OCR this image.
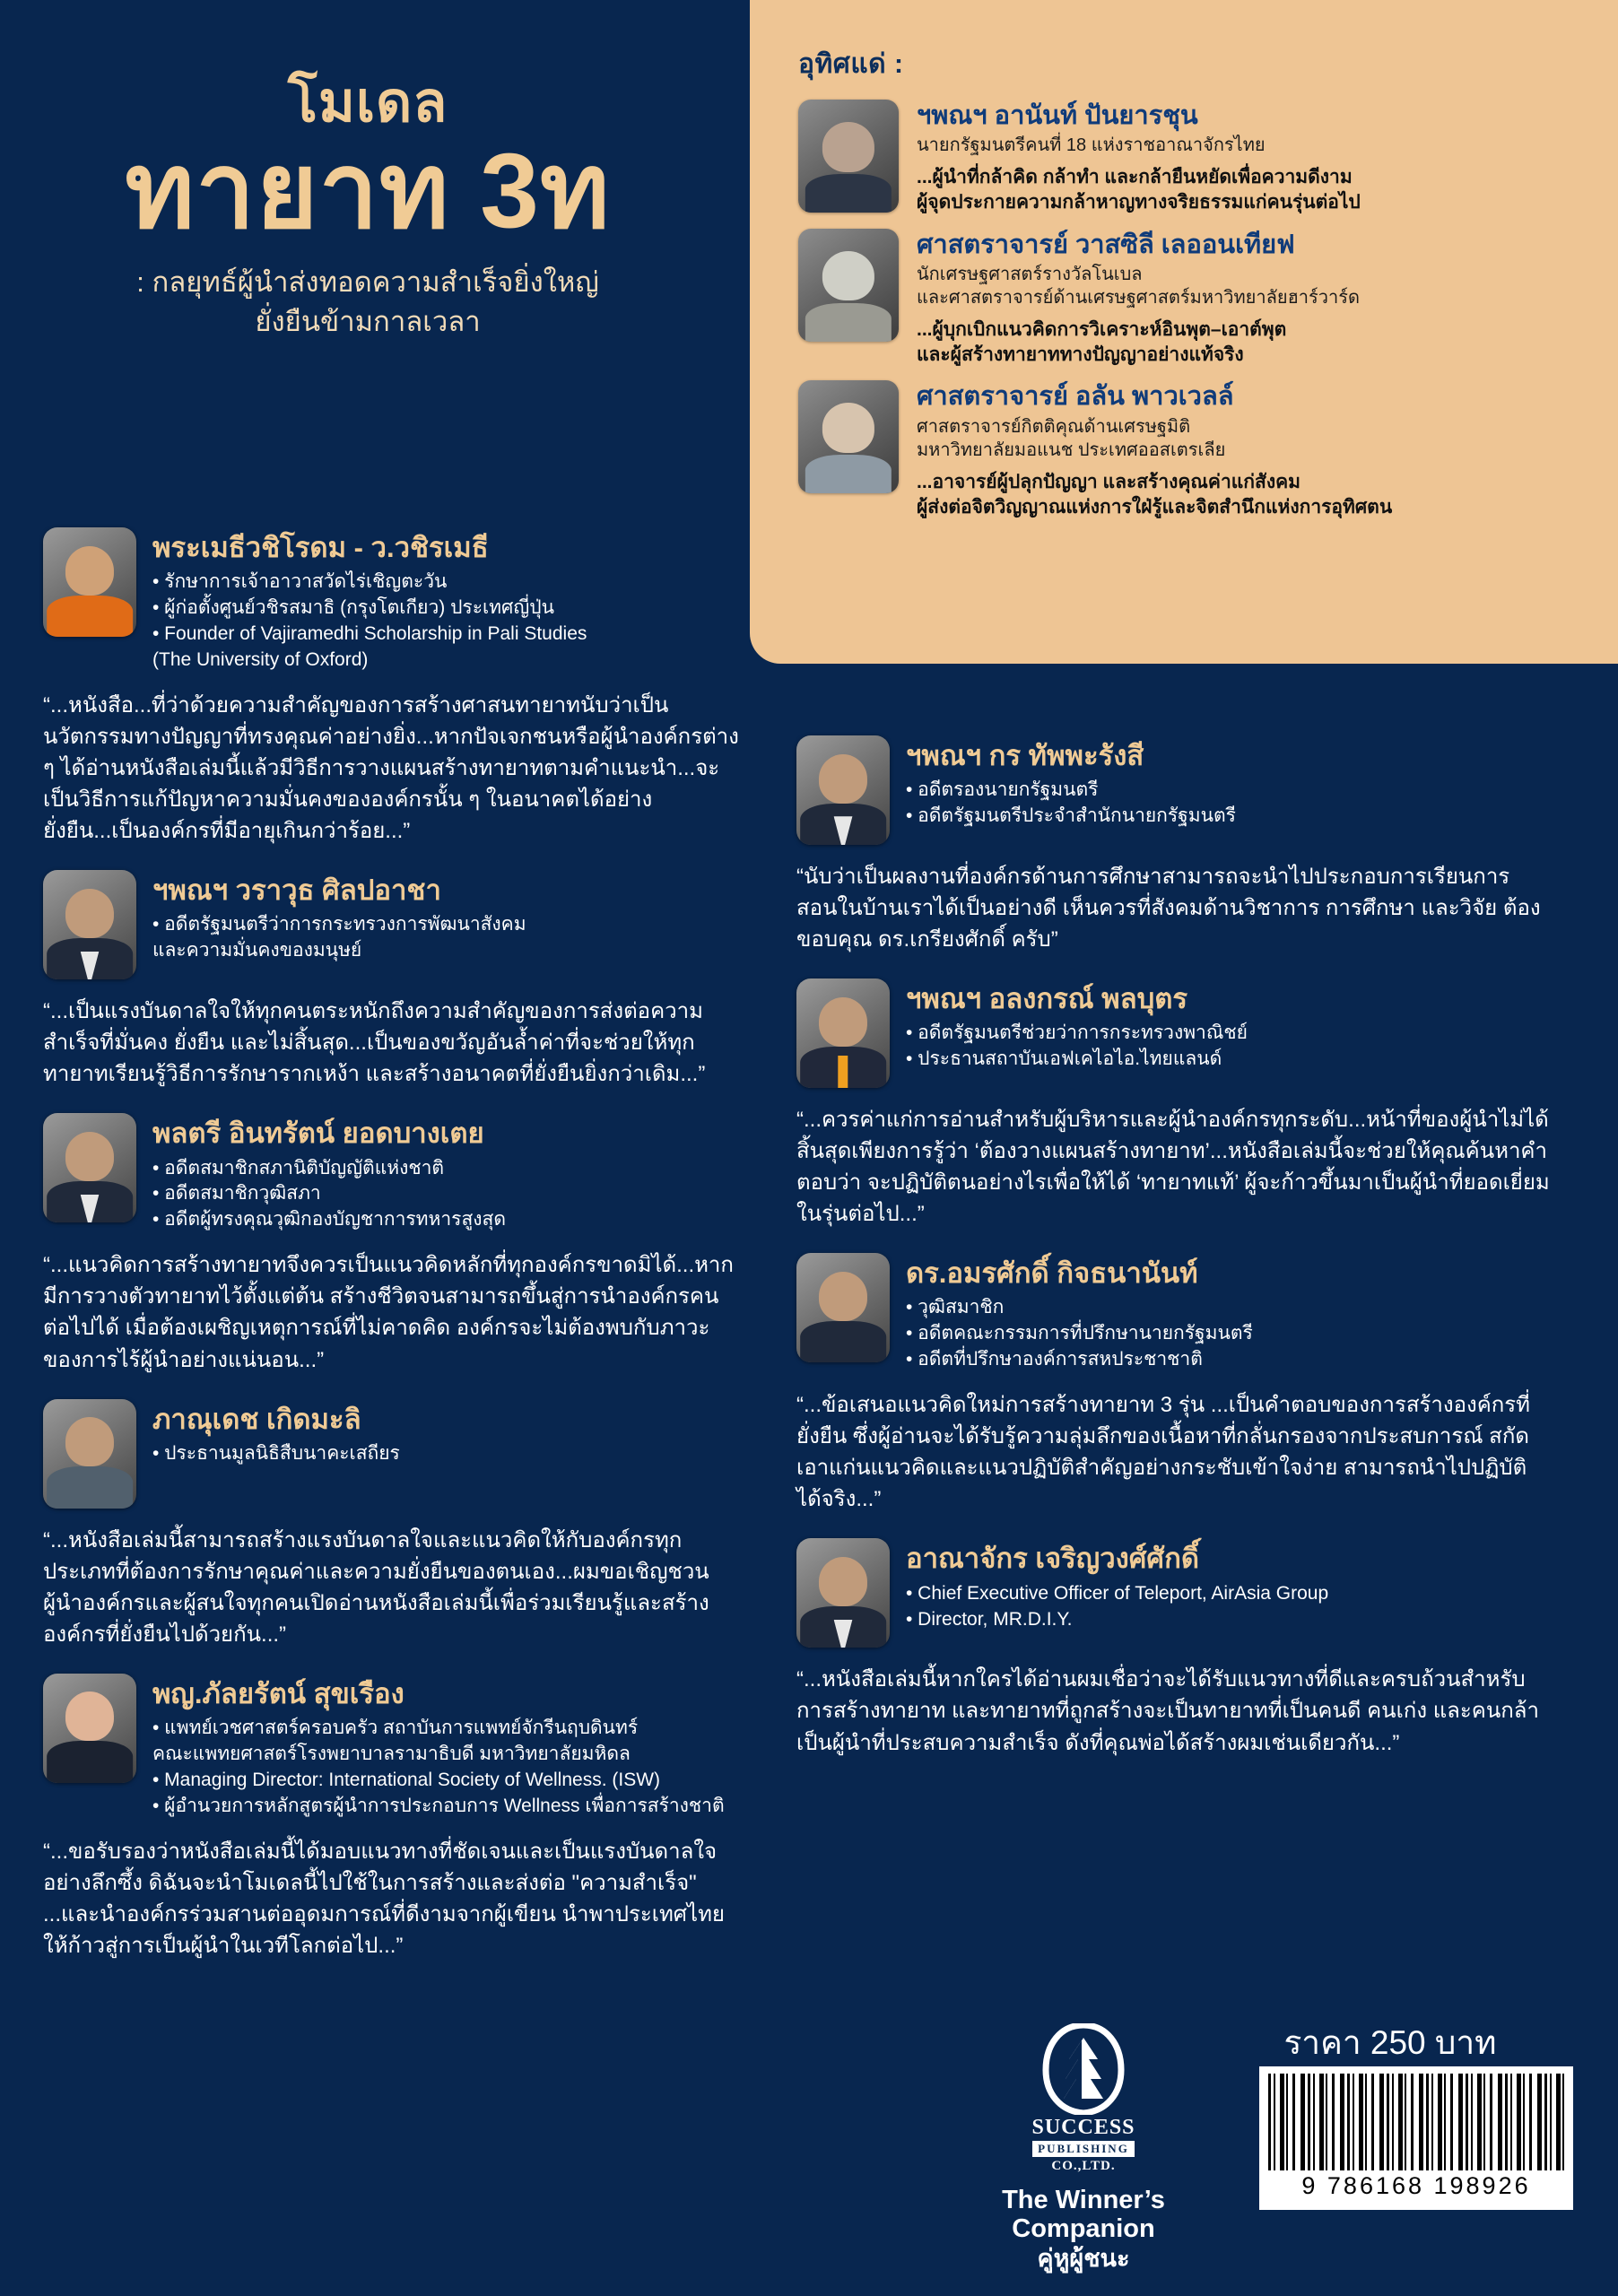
โมเดล
ทายาท 3ท
: กลยุทธ์ผู้นำส่งทอดความสำเร็จยิ่งใหญ่
ยั่งยืนข้ามกาลเวลา
อุทิศแด่ :
ฯพณฯ อานันท์ ปันยารชุน
นายกรัฐมนตรีคนที่ 18 แห่งราชอาณาจักรไทย
...ผู้นำที่กล้าคิด กล้าทำ และกล้ายืนหยัดเพื่อความดีงาม
ผู้จุดประกายความกล้าหาญทางจริยธรรมแก่คนรุ่นต่อไป
ศาสตราจารย์ วาสซิลี เลออนเทียฟ
นักเศรษฐศาสตร์รางวัลโนเบล
และศาสตราจารย์ด้านเศรษฐศาสตร์มหาวิทยาลัยฮาร์วาร์ด
...ผู้บุกเบิกแนวคิดการวิเคราะห์อินพุต–เอาต์พุต
และผู้สร้างทายาททางปัญญาอย่างแท้จริง
ศาสตราจารย์ อลัน พาวเวลล์
ศาสตราจารย์กิตติคุณด้านเศรษฐมิติ
มหาวิทยาลัยมอแนช ประเทศออสเตรเลีย
...อาจารย์ผู้ปลุกปัญญา และสร้างคุณค่าแก่สังคม
ผู้ส่งต่อจิตวิญญาณแห่งการใฝ่รู้และจิตสำนึกแห่งการอุทิศตน
พระเมธีวชิโรดม - ว.วชิรเมธี
• รักษาการเจ้าอาวาสวัดไร่เชิญตะวัน
• ผู้ก่อตั้งศูนย์วชิรสมาธิ (กรุงโตเกียว) ประเทศญี่ปุ่น
• Founder of Vajiramedhi Scholarship in Pali Studies
(The University of Oxford)
“...หนังสือ...ที่ว่าด้วยความสำคัญของการสร้างศาสนทายาทนับว่าเป็นนวัตกรรมทางปัญญาที่ทรงคุณค่าอย่างยิ่ง...หากปัจเจกชนหรือผู้นำองค์กรต่าง ๆ ได้อ่านหนังสือเล่มนี้แล้วมีวิธีการวางแผนสร้างทายาทตามคำแนะนำ...จะเป็นวิธีการแก้ปัญหาความมั่นคงขององค์กรนั้น ๆ ในอนาคตได้อย่างยั่งยืน...เป็นองค์กรที่มีอายุเกินกว่าร้อย...”
ฯพณฯ วราวุธ ศิลปอาชา
• อดีตรัฐมนตรีว่าการกระทรวงการพัฒนาสังคม
และความมั่นคงของมนุษย์
“...เป็นแรงบันดาลใจให้ทุกคนตระหนักถึงความสำคัญของการส่งต่อความสำเร็จที่มั่นคง ยั่งยืน และไม่สิ้นสุด...เป็นของขวัญอันล้ำค่าที่จะช่วยให้ทุกทายาทเรียนรู้วิธีการรักษารากเหง้า และสร้างอนาคตที่ยั่งยืนยิ่งกว่าเดิม...”
พลตรี อินทรัตน์ ยอดบางเตย
• อดีตสมาชิกสภานิติบัญญัติแห่งชาติ
• อดีตสมาชิกวุฒิสภา
• อดีตผู้ทรงคุณวุฒิกองบัญชาการทหารสูงสุด
“...แนวคิดการสร้างทายาทจึงควรเป็นแนวคิดหลักที่ทุกองค์กรขาดมิได้...หากมีการวางตัวทายาทไว้ตั้งแต่ต้น สร้างชีวิตจนสามารถขึ้นสู่การนำองค์กรคนต่อไปได้ เมื่อต้องเผชิญเหตุการณ์ที่ไม่คาดคิด องค์กรจะไม่ต้องพบกับภาวะของการไร้ผู้นำอย่างแน่นอน...”
ภาณุเดช เกิดมะลิ
• ประธานมูลนิธิสืบนาคะเสถียร
“...หนังสือเล่มนี้สามารถสร้างแรงบันดาลใจและแนวคิดให้กับองค์กรทุกประเภทที่ต้องการรักษาคุณค่าและความยั่งยืนของตนเอง...ผมขอเชิญชวนผู้นำองค์กรและผู้สนใจทุกคนเปิดอ่านหนังสือเล่มนี้เพื่อร่วมเรียนรู้และสร้างองค์กรที่ยั่งยืนไปด้วยกัน...”
พญ.ภัลยรัตน์ สุขเรือง
• แพทย์เวชศาสตร์ครอบครัว สถาบันการแพทย์จักรีนฤบดินทร์
คณะแพทยศาสตร์โรงพยาบาลรามาธิบดี มหาวิทยาลัยมหิดล
• Managing Director: International Society of Wellness. (ISW)
• ผู้อำนวยการหลักสูตรผู้นำการประกอบการ Wellness เพื่อการสร้างชาติ
“...ขอรับรองว่าหนังสือเล่มนี้ได้มอบแนวทางที่ชัดเจนและเป็นแรงบันดาลใจอย่างลึกซึ้ง ดิฉันจะนำโมเดลนี้ไปใช้ในการสร้างและส่งต่อ "ความสำเร็จ" ...และนำองค์กรร่วมสานต่ออุดมการณ์ที่ดีงามจากผู้เขียน นำพาประเทศไทยให้ก้าวสู่การเป็นผู้นำในเวทีโลกต่อไป...”
ฯพณฯ กร ทัพพะรังสี
• อดีตรองนายกรัฐมนตรี
• อดีตรัฐมนตรีประจำสำนักนายกรัฐมนตรี
“นับว่าเป็นผลงานที่องค์กรด้านการศึกษาสามารถจะนำไปประกอบการเรียนการสอนในบ้านเราได้เป็นอย่างดี เห็นควรที่สังคมด้านวิชาการ การศึกษา และวิจัย ต้องขอบคุณ ดร.เกรียงศักดิ์ ครับ”
ฯพณฯ อลงกรณ์ พลบุตร
• อดีตรัฐมนตรีช่วยว่าการกระทรวงพาณิชย์
• ประธานสถาบันเอฟเคไอไอ.ไทยแลนด์
“...ควรค่าแก่การอ่านสำหรับผู้บริหารและผู้นำองค์กรทุกระดับ...หน้าที่ของผู้นำไม่ได้สิ้นสุดเพียงการรู้ว่า ‘ต้องวางแผนสร้างทายาท’...หนังสือเล่มนี้จะช่วยให้คุณค้นหาคำตอบว่า จะปฏิบัติตนอย่างไรเพื่อให้ได้ ‘ทายาทแท้’ ผู้จะก้าวขึ้นมาเป็นผู้นำที่ยอดเยี่ยมในรุ่นต่อไป...”
ดร.อมรศักดิ์ กิจธนานันท์
• วุฒิสมาชิก
• อดีตคณะกรรมการที่ปรึกษานายกรัฐมนตรี
• อดีตที่ปรึกษาองค์การสหประชาชาติ
“...ข้อเสนอแนวคิดใหม่การสร้างทายาท 3 รุ่น ...เป็นคำตอบของการสร้างองค์กรที่ยั่งยืน ซึ่งผู้อ่านจะได้รับรู้ความลุ่มลึกของเนื้อหาที่กลั่นกรองจากประสบการณ์ สกัดเอาแก่นแนวคิดและแนวปฏิบัติสำคัญอย่างกระชับเข้าใจง่าย สามารถนำไปปฏิบัติได้จริง...”
อาณาจักร เจริญวงศ์ศักดิ์
• Chief Executive Officer of Teleport, AirAsia Group
• Director, MR.D.I.Y.
“...หนังสือเล่มนี้หากใครได้อ่านผมเชื่อว่าจะได้รับแนวทางที่ดีและครบถ้วนสำหรับการสร้างทายาท และทายาทที่ถูกสร้างจะเป็นทายาทที่เป็นคนดี คนเก่ง และคนกล้า เป็นผู้นำที่ประสบความสำเร็จ ดังที่คุณพ่อได้สร้างผมเช่นเดียวกัน...”
SUCCESS
PUBLISHING
CO.,LTD.
The Winner’s Companion
คู่หูผู้ชนะ
ราคา 250 บาท
9 786168 198926
